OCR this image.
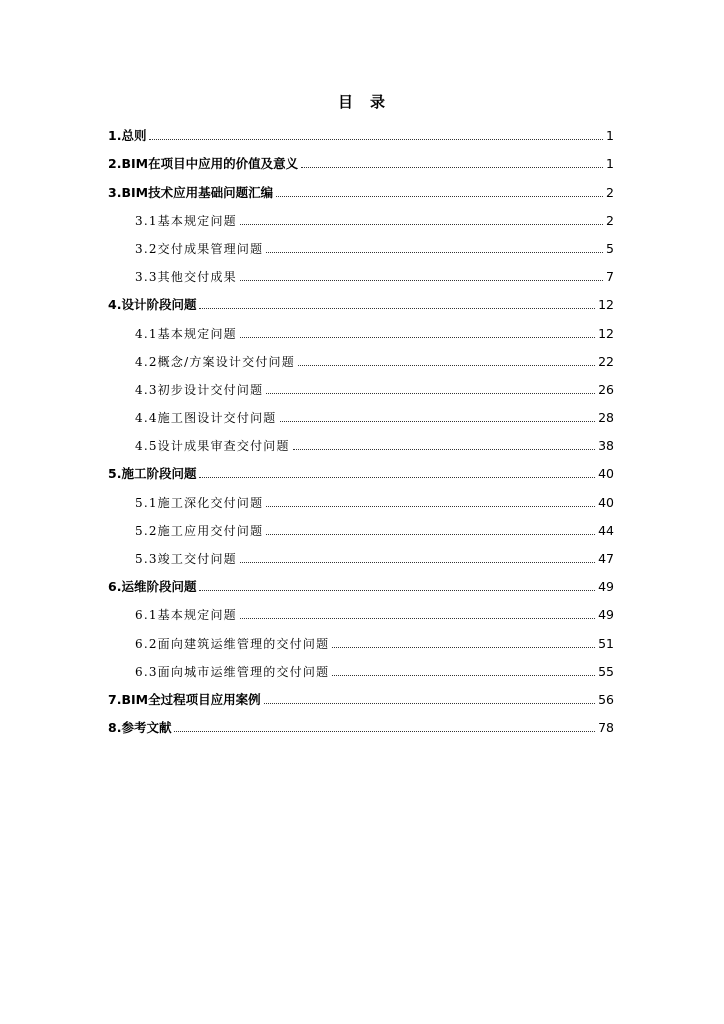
目　录
1.总则	1
2.BIM在项目中应用的价值及意义	1
3.BIM技术应用基础问题汇编	2
3.1基本规定问题	2
3.2交付成果管理问题	5
3.3其他交付成果	7
4.设计阶段问题	12
4.1基本规定问题	12
4.2概念/方案设计交付问题	22
4.3初步设计交付问题	26
4.4施工图设计交付问题	28
4.5设计成果审查交付问题	38
5.施工阶段问题	40
5.1施工深化交付问题	40
5.2施工应用交付问题	44
5.3竣工交付问题	47
6.运维阶段问题	49
6.1基本规定问题	49
6.2面向建筑运维管理的交付问题	51
6.3面向城市运维管理的交付问题	55
7.BIM全过程项目应用案例	56
8.参考文献	78
